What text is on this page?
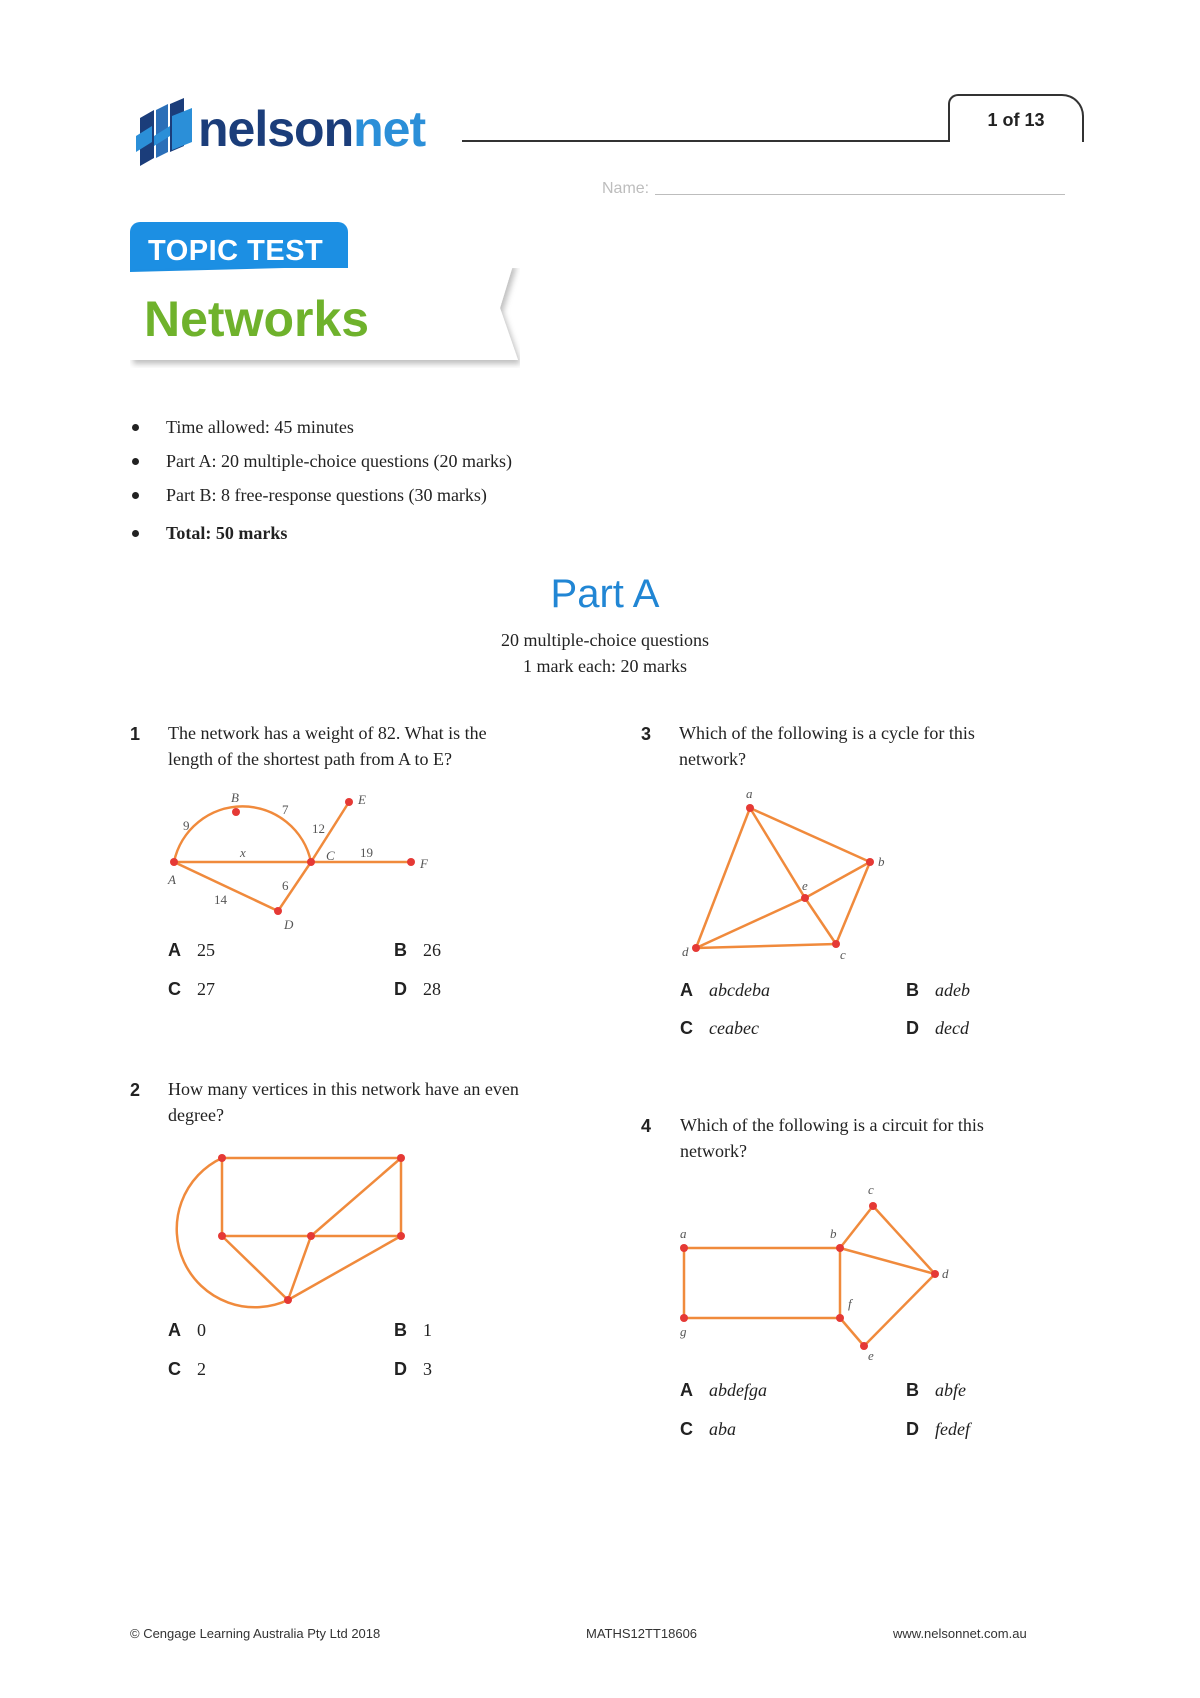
nelsonnet	1 of 13
Name:
TOPIC TEST
Networks
Time allowed: 45 minutes
Part A: 20 multiple-choice questions (20 marks)
Part B: 8 free-response questions (30 marks)
Total: 50 marks
Part A
20 multiple-choice questions
1 mark each: 20 marks
1 The network has a weight of 82. What is the
length of the shortest path from A to E?
A
B
C
D
E
F
9
7
12
x	19
6
14
A 25	B 26
C 27	D 28
2 How many vertices in this network have an even
degree?
A 0	B 1
C 2	D 3
3 Which of the following is a cycle for this
network?
a
b
c
d
e
A abcdeba	B adeb
C ceabec	D decd
4 Which of the following is a circuit for this
network?
a	b
c
d
e
f
g
A abdefga	B abfe
C aba	D fedef
© Cengage Learning Australia Pty Ltd 2018	MATHS12TT18606	www.nelsonnet.com.au
